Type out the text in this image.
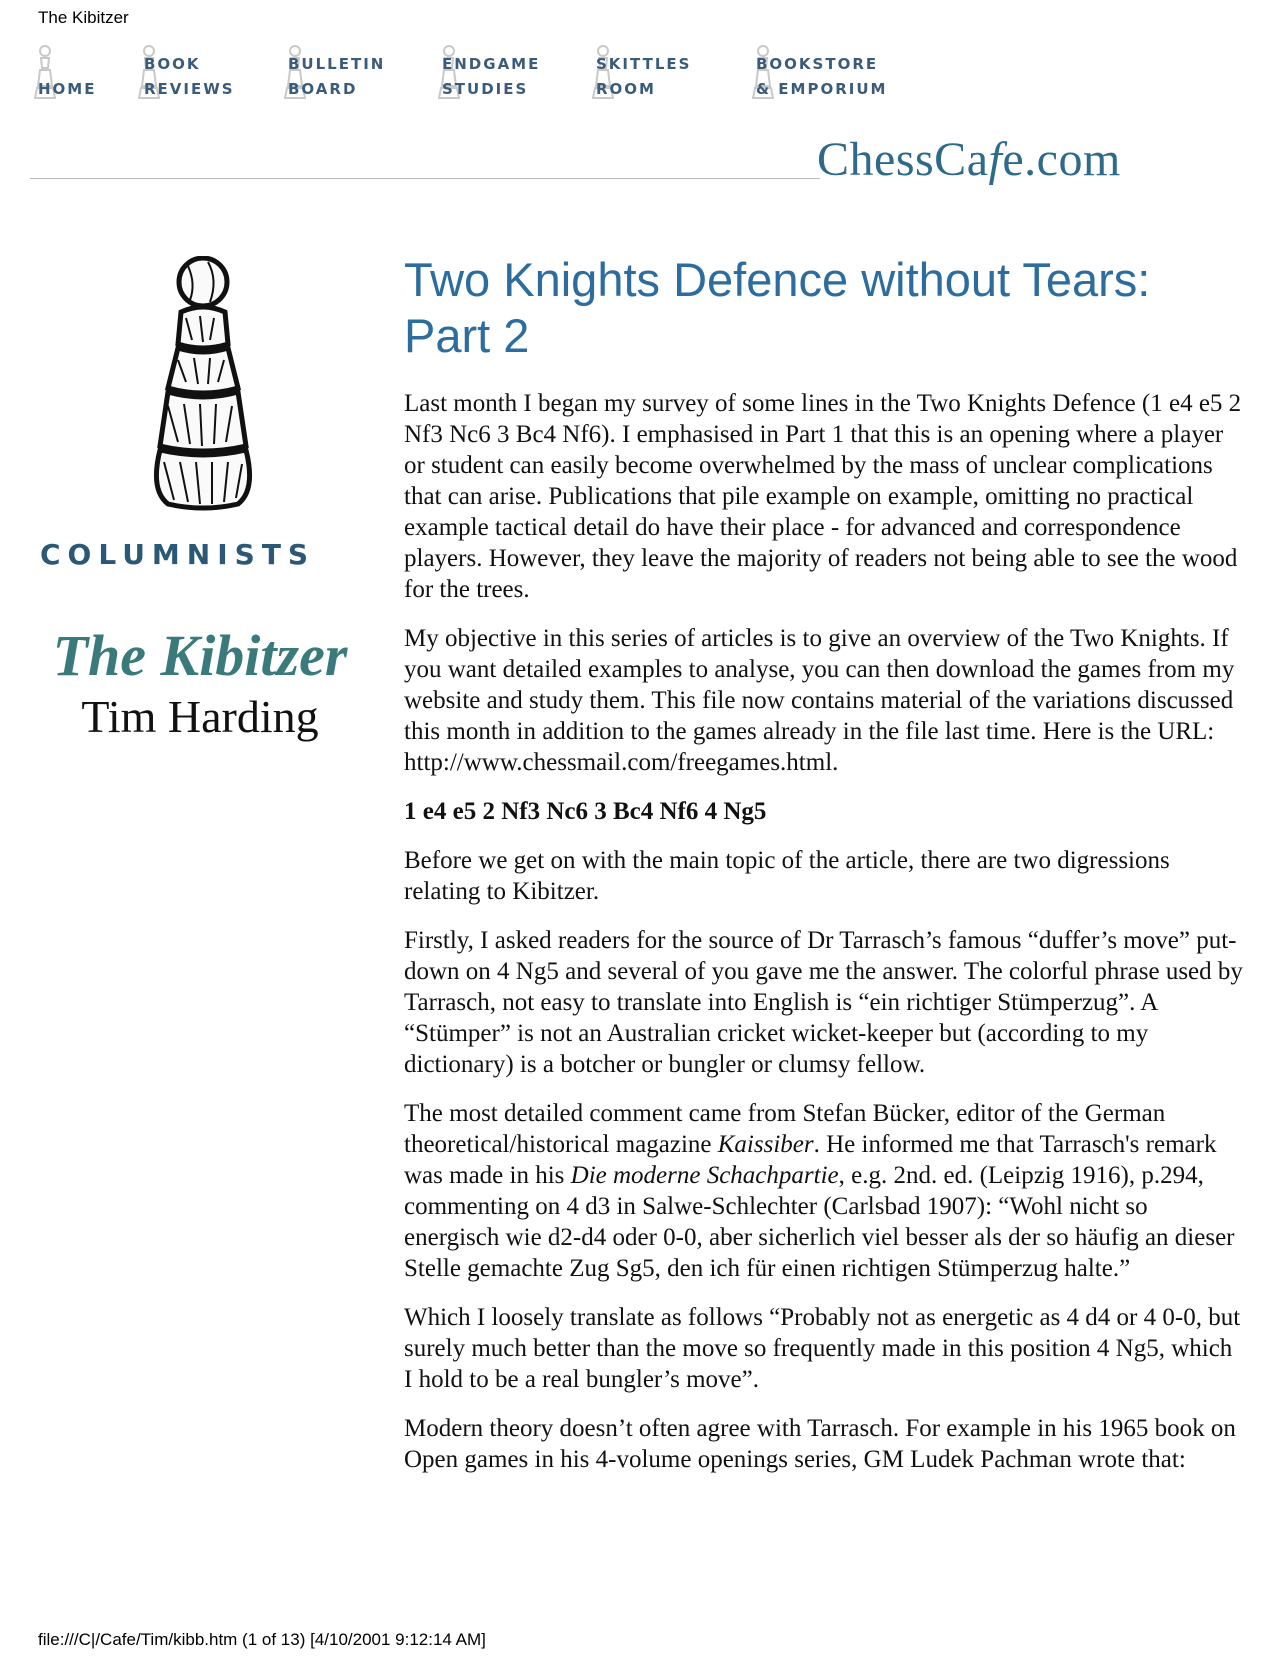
The Kibitzer
HOME
BOOK
REVIEWS
BULLETIN
BOARD
ENDGAME
STUDIES
SKITTLES
ROOM
BOOKSTORE
& EMPORIUM
ChessCafe.com
COLUMNISTS
The Kibitzer
Tim Harding
Two Knights Defence without Tears: Part 2

Last month I began my survey of some lines in the Two Knights Defence (1 e4 e5 2 Nf3 Nc6 3 Bc4 Nf6). I emphasised in Part 1 that this is an opening where a player or student can easily become overwhelmed by the mass of unclear complications that can arise. Publications that pile example on example, omitting no practical example tactical detail do have their place - for advanced and correspondence players. However, they leave the majority of readers not being able to see the wood for the trees.

My objective in this series of articles is to give an overview of the Two Knights. If you want detailed examples to analyse, you can then download the games from my website and study them. This file now contains material of the variations discussed this month in addition to the games already in the file last time. Here is the URL: http://www.chessmail.com/freegames.html.

1 e4 e5 2 Nf3 Nc6 3 Bc4 Nf6 4 Ng5

Before we get on with the main topic of the article, there are two digressions relating to Kibitzer.

Firstly, I asked readers for the source of Dr Tarrasch’s famous “duffer’s move” put-down on 4 Ng5 and several of you gave me the answer. The colorful phrase used by Tarrasch, not easy to translate into English is “ein richtiger Stümperzug”. A “Stümper” is not an Australian cricket wicket-keeper but (according to my dictionary) is a botcher or bungler or clumsy fellow.

The most detailed comment came from Stefan Bücker, editor of the German theoretical/historical magazine Kaissiber. He informed me that Tarrasch's remark was made in his Die moderne Schachpartie, e.g. 2nd. ed. (Leipzig 1916), p.294, commenting on 4 d3 in Salwe-Schlechter (Carlsbad 1907): “Wohl nicht so energisch wie d2-d4 oder 0-0, aber sicherlich viel besser als der so häufig an dieser Stelle gemachte Zug Sg5, den ich für einen richtigen Stümperzug halte.”

Which I loosely translate as follows “Probably not as energetic as 4 d4 or 4 0-0, but surely much better than the move so frequently made in this position 4 Ng5, which I hold to be a real bungler’s move”.

Modern theory doesn’t often agree with Tarrasch. For example in his 1965 book on Open games in his 4-volume openings series, GM Ludek Pachman wrote that:

file:///C|/Cafe/Tim/kibb.htm (1 of 13) [4/10/2001 9:12:14 AM]
